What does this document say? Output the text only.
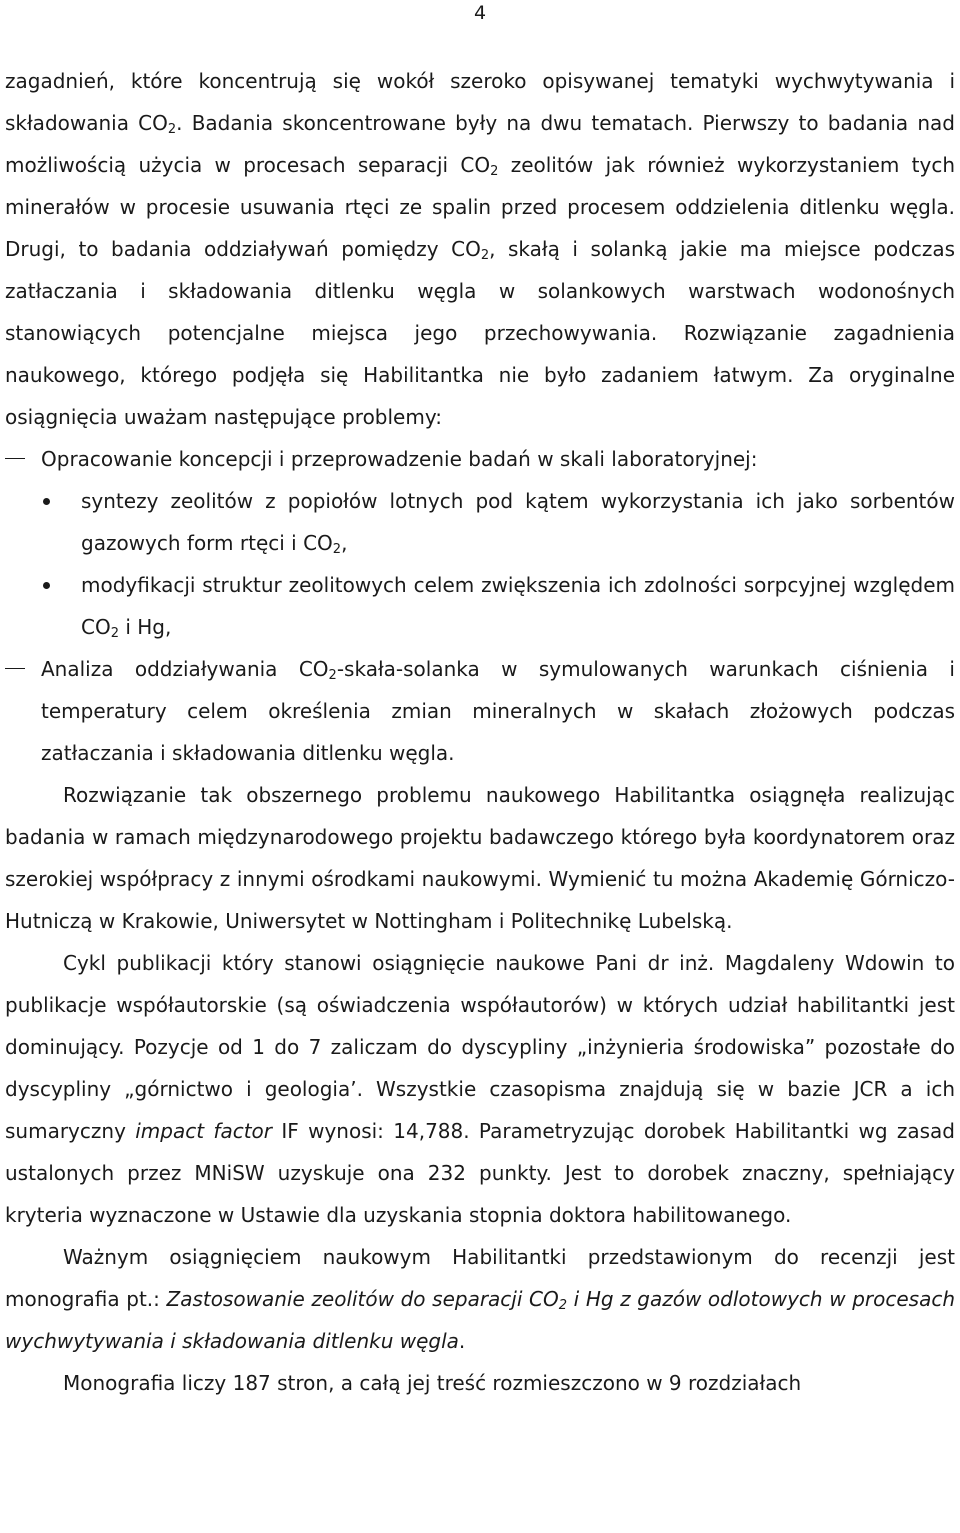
4

zagadnień, które koncentrują się wokół szeroko opisywanej tematyki wychwytywania i składowania $CO_2$. Badania skoncentrowane były na dwu tematach. Pierwszy to badania nad możliwością użycia w procesach separacji $CO_2$ zeolitów jak również wykorzystaniem tych minerałów w procesie usuwania rtęci ze spalin przed procesem oddzielenia ditlenku węgla. Drugi, to badania oddziaływań pomiędzy $CO_2$, skałą i solanką jakie ma miejsce podczas zatłaczania i składowania ditlenku węgla w solankowych warstwach wodonośnych stanowiących potencjalne miejsca jego przechowywania. Rozwiązanie zagadnienia naukowego, którego podjęła się Habilitantka nie było zadaniem łatwym. Za oryginalne osiągnięcia uważam następujące problemy:

Opracowanie koncepcji i przeprowadzenie badań w skali laboratoryjnej:
syntezy zeolitów z popiołów lotnych pod kątem wykorzystania ich jako sorbentów gazowych form rtęci i $CO_2$,
modyfikacji struktur zeolitowych celem zwiększenia ich zdolności sorpcyjnej względem $CO_2$ i Hg,
Analiza oddziaływania $CO_2-skała$-solanka w symulowanych warunkach ciśnienia i temperatury celem określenia zmian mineralnych w skałach złożowych podczas zatłaczania i składowania ditlenku węgla.

Rozwiązanie tak obszernego problemu naukowego Habilitantka osiągnęła realizując badania w ramach międzynarodowego projektu badawczego którego była koordynatorem oraz szerokiej współpracy z innymi ośrodkami naukowymi. Wymienić tu można Akademię Górniczo-Hutniczą w Krakowie, Uniwersytet w Nottingham i Politechnikę Lubelską.

Cykl publikacji który stanowi osiągnięcie naukowe Pani dr inż. Magdaleny Wdowin to publikacje współautorskie (są oświadczenia współautorów) w których udział habilitantki jest dominujący. Pozycje od 1 do 7 zaliczam do dyscypliny „inżynieria środowiska” pozostałe do dyscypliny „górnictwo i geologia’. Wszystkie czasopisma znajdują się w bazie JCR a ich sumaryczny impact factor IF wynosi: 14,788. Parametryzując dorobek Habilitantki wg zasad ustalonych przez MNiSW uzyskuje ona 232 punkty. Jest to dorobek znaczny, spełniający kryteria wyznaczone w Ustawie dla uzyskania stopnia doktora habilitowanego.

Ważnym osiągnięciem naukowym Habilitantki przedstawionym do recenzji jest monografia pt.: Zastosowanie zeolitów do separacji $CO_2$ i Hg z gazów odlotowych w procesach wychwytywania i składowania ditlenku węgla.

Monografia liczy 187 stron, a całą jej treść rozmieszczono w 9 rozdziałach
